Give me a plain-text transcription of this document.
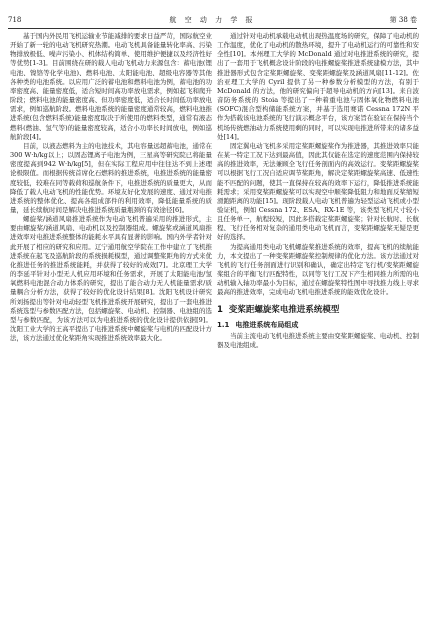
718	航 空 动 力 学 报	第 38 卷

基于国内外民用飞机运输业节能减排的要求日益严苛，国际航空业开始了新一轮的电动飞机研究热潮。电动飞机具备能量转化率高、污染物排放极低、噪声污染小、机体结构简单、使用维护便捷以及经济性好等优势[1-3]。目前围绕在研的载人电动飞机动力来源包含：蓄电池(锂电池、镍铬等化学电池)、燃料电池、太阳能电池、超级电容器等其他各种类的电池系统。以应用广泛的蓄电池和燃料电池为例，蓄电池的功率密度高、能量密度低，适合短时间高功率放电需求，例如起飞和爬升阶段；燃料电池的能量密度高、但功率密度低，适合长时间低功率放电需求，例如巡航阶段。燃料电池系统的能量密度通常较高，燃料电池推进系统(包含燃料系统)能量密度取决于所使用的燃料类型，通常有液态燃料(燃油、氢气等)的能量密度较高，适合小功率长时间放电，例如巡航阶段[4]。

目前，以液态燃料为主的电池技术，其电容量远超蓄电池，通常在300 W·h/kg以上；以固态锂离子电池为例，三星高等研究院已将能量密度提高到942 W·h/kg[5]，但在实际工程应用中往往达不到上述理论极限值。而根据传统首席化石燃料的推进系统，电推进系统的能量密度较低，较难在同等载荷和巡航条件下，电推进系统的质量更大，从而降低了载人电动飞机的性能优势。环境友好化发展的速度、通过对电推进系统的整体优化、提高各组成部件的利用效率，降低能量系统的质量，延长续航时间是解决电推进系统质量瓶颈的有效途径[6]。

螺旋桨/涵道风扇推进系统作为电动飞机普遍采用的推进形式，主要由螺旋桨/涵道风扇、电动机以及控制器组成。螺旋桨或涵道风扇推进效率对电推进系统整体的能耗水平具有显著的影响。国内外学者针对此开展了相应的研究和应用。辽宁通用航空学院在工作中建立了飞机推进系统在起飞及巡航阶段的系统损耗模型，通过调整桨距角的方式来优化推进任务的推进系统能耗，并获得了较好的成效[7]。北京理工大学的李延平针对小型无人机应用环境和任务需求，开展了太阳能电池/氢氧燃料电池混合动力体系的研究，提出了能合动力无人机能量需求/质量耦合分析方法，获得了较好的优化设计结果[8]。沈阳飞机设计研究所刘扬提出等针对电动轻型飞机推进系统开展研究，提出了一套电推进系统选型与参数匹配方法，包括螺旋桨、电动机、控制器、电池组的选型与参数匹配，为该方法可以为电推进系统的优化设计提供依据[9]。沈阳工业大学的王高平提出了电推进系统中螺旋桨与电机的匹配设计方法，该方法通过优化桨距角实现推进系统效率最大化。

通过针对电动机承载电动机出现热温度场的研究，保障了电动机的工作温度，优化了电动机的散热环境，提升了电动机运行的可靠性和安全性[10]。本州理工大学的 McDonald 通过对电推进系统的研究，提出了一套用于飞机概念设计阶段的电推螺旋桨推进系统建模方法，其中推进器形式包含定桨距螺旋桨、变桨距螺旋桨及涵道风扇[11-12]。佐治亚理工大学的 Cyril 提供了另一种参数分析模型的方法，有别于 McDonald 的方法，他的研究偏向于超导电动机的方向[13]。来自波音防务系统的 Stoia 等提出了一种着重电池与固体氧化物燃料电池(SOFC)混合型构储能系统方案，并基于选用赛诺 Cessna 172N 平作为搭载该电池系统的飞行演示概念平台，该方案旨在验证在保持当个机场传统燃油动力系统使用剩的同时，可以实现电推进所带来的诸多益处[14]。

固定翼电动飞机多采用定桨距螺旋桨作为推进器，其推进效率只能在某一特定工况下达到最高值，因此其仅能在选定的速度范围内保持较高的推进效率，无法兼顾全飞行任务剖面内的高效运行。变桨距螺旋桨可以根据飞行工况自适应调节桨距角，解决定桨距螺旋桨高速、低速性能不匹配的问题，使其一直保持在较高的效率下运行，降低推进系统能耗需求；采用变桨距螺旋桨可以实现空中顺桨降低阻力和地面反桨缩短滑跑距离的功能[15]。现阶段载人电动飞机普遍为轻型运动飞机或小型验证机，例如 Cessna 172、ESA、RX-1E 等，该类型飞机尺寸较小且任务单一，航程较短，因此多搭载定桨距螺旋桨；针对长航时、长航程、飞行任务相对复杂的通用类电动飞机而言，变桨距螺旋桨无疑是更好的选择。

为提高通用类电动飞机螺旋桨推进系统的效率，提高飞机的续航能力，本文提出了一种变桨距螺旋桨控制规律的优化方法。该方法通过对飞机的飞行任务剖面进行识别和确认，确定出特定飞行机/变桨距螺旋桨组合的平衡飞行匹配特性，以同等飞行工况下产生相同推力所需的电动机输入轴功率最小为目标，通过在螺旋桨特性图中寻找推力线上寻求最高的推进效率，完成电动飞机电推进系统的能效优化设计。

1 变桨距螺旋桨电推进系统模型
1.1 电推进系统布局组成

当前主流电动飞机电推进系统主要由变桨距螺旋桨、电动机、控制器及电池组成。
